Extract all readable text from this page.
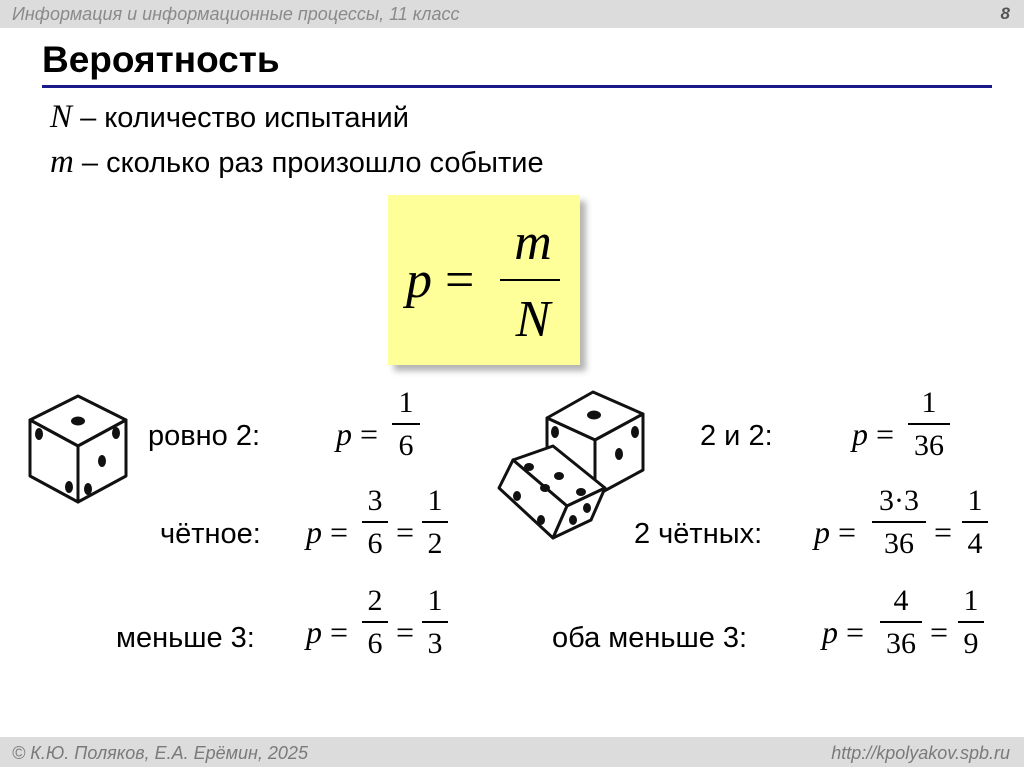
Информация и информационные процессы, 11 класс	8
Вероятность
N – количество испытаний
m – сколько раз произошло событие
p =
m
N
ровно 2: p =
1
6
чётное: p =
3
6 =
1
2
меньше 3: p =
2
6 =
1
3
2 и 2: p =
1
36
2 чётных: p =
3·3
36 =
1
4
оба меньше 3: p =
4
36 =
1
9
© К.Ю. Поляков, Е.А. Ерёмин, 2025	http://kpolyakov.spb.ru
